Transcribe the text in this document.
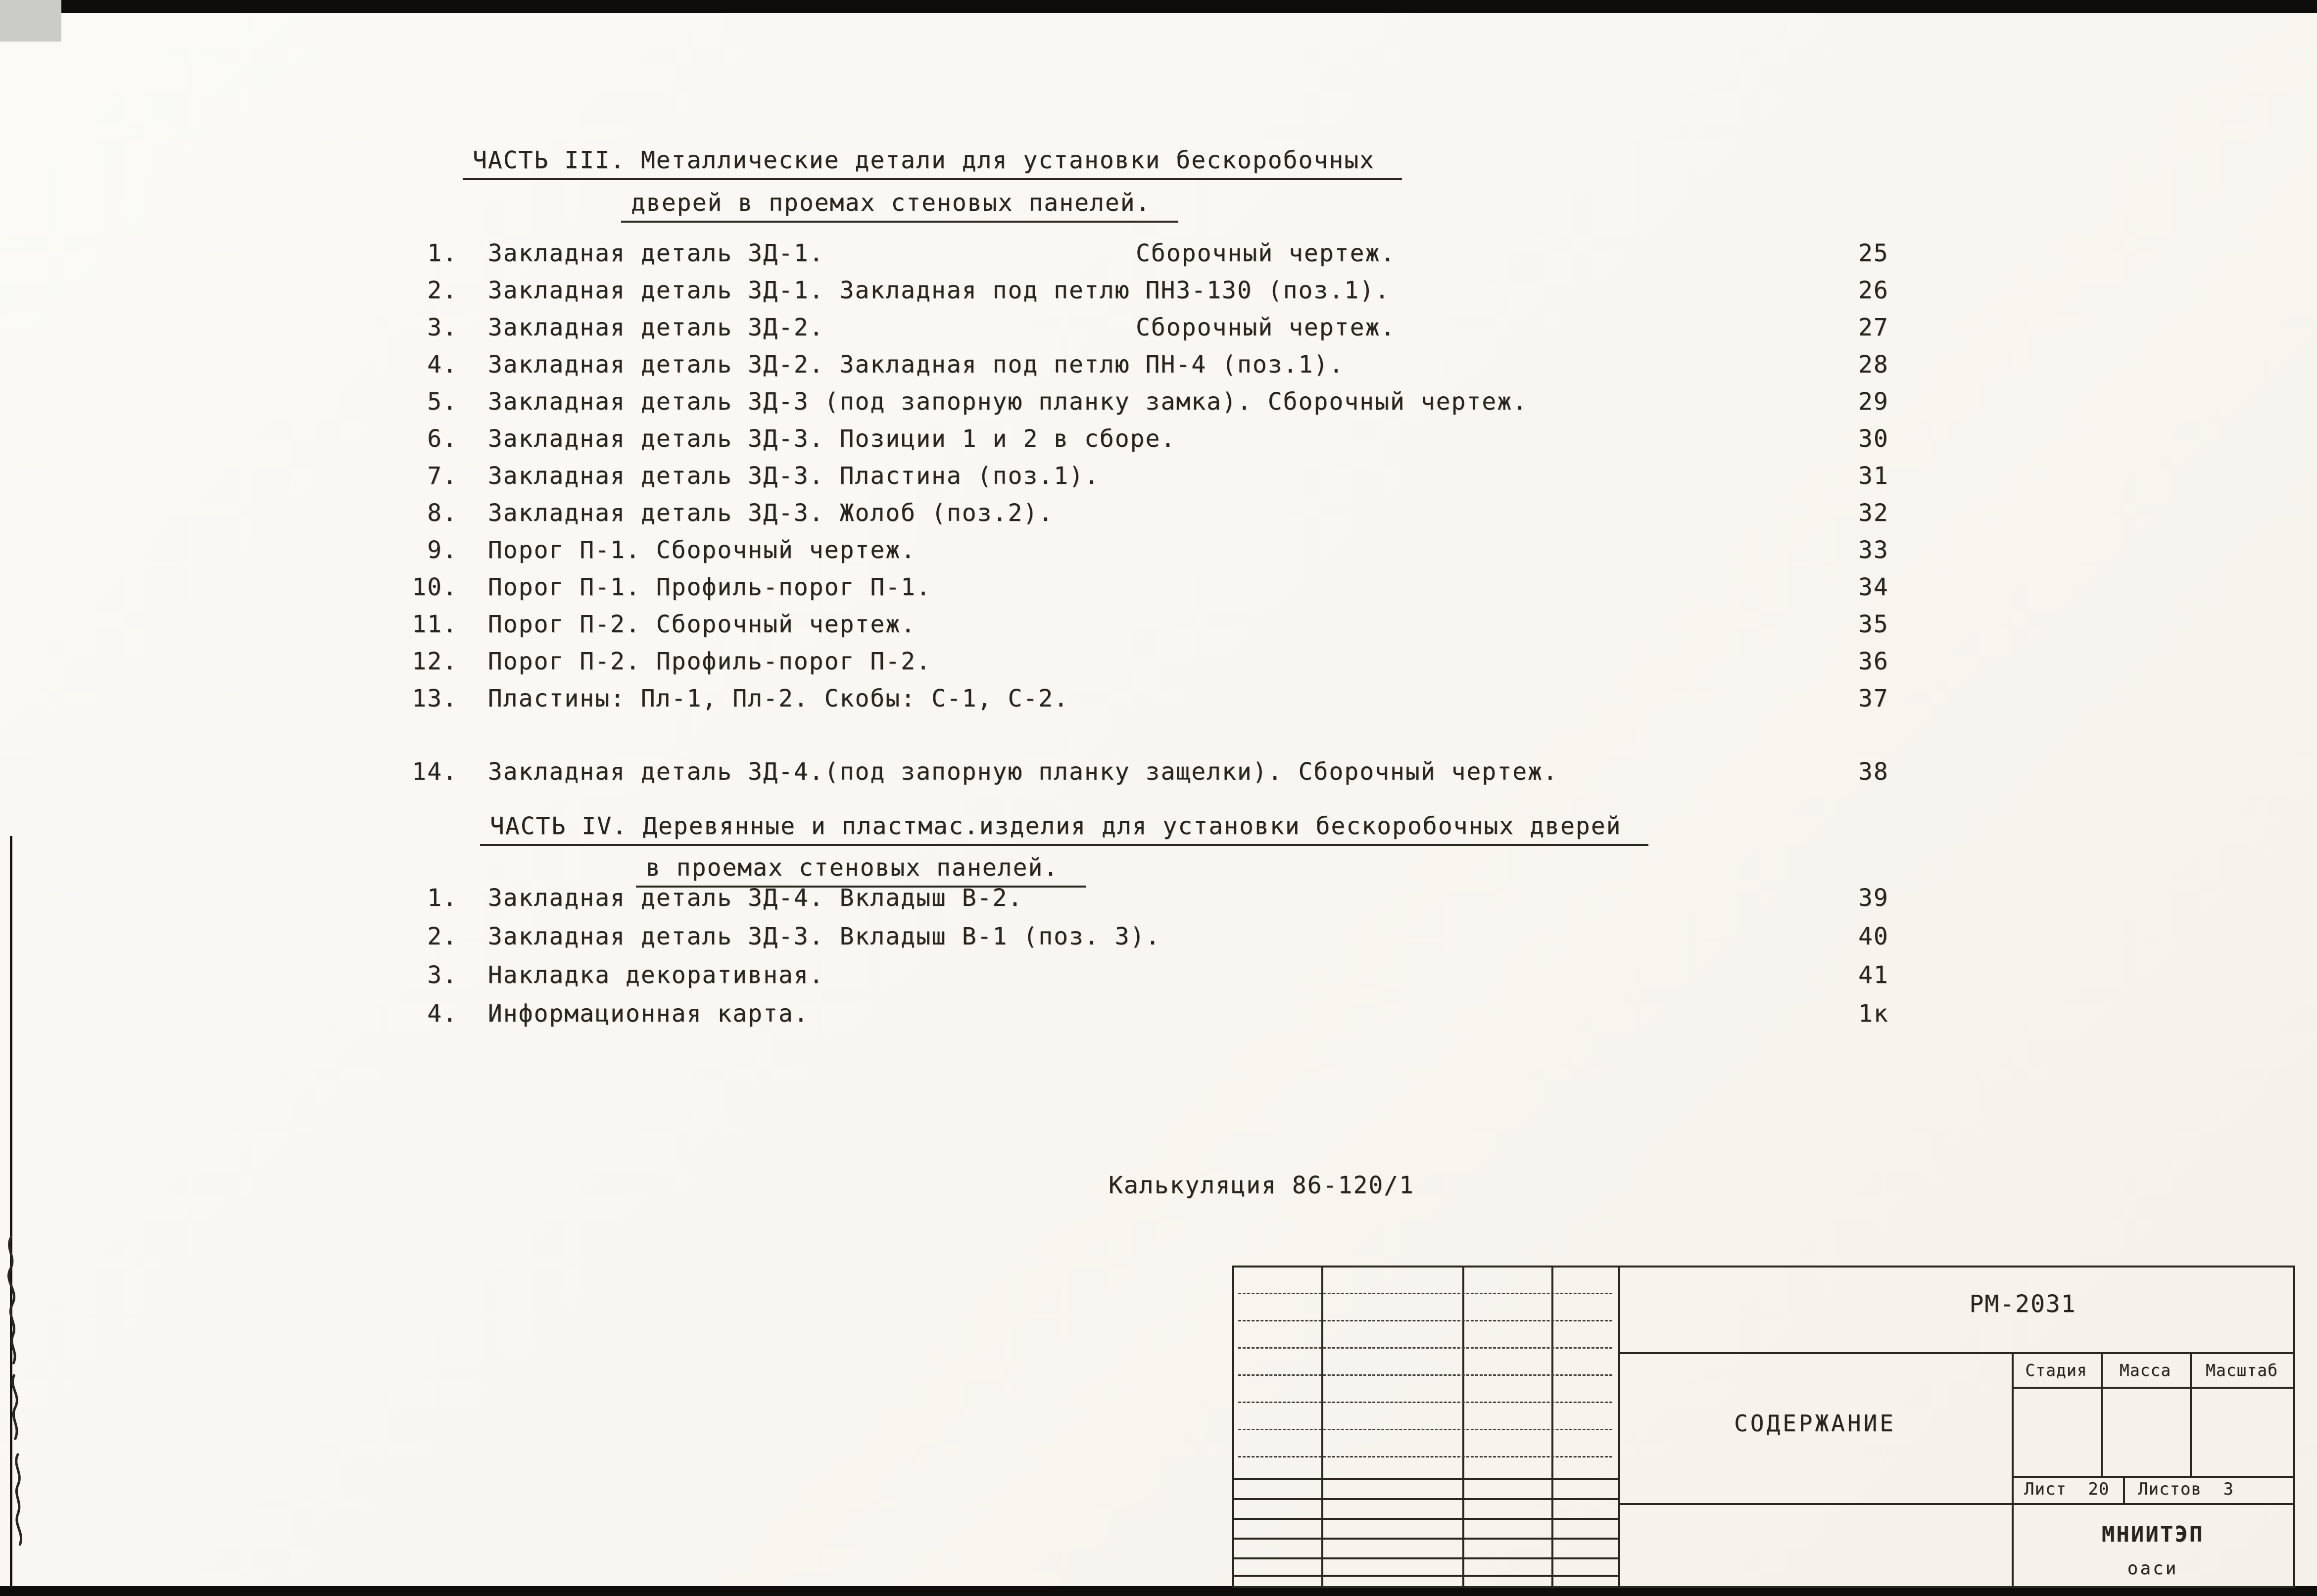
ЧАСТЬ III. Металлические детали для установки бескоробочных
дверей в проемах стеновых панелей.
1. Закладная деталь ЗД-1.	Сборочный чертеж.	25
2. Закладная деталь ЗД-1. Закладная под петлю ПН3-130 (поз.1).	26
3. Закладная деталь ЗД-2.	Сборочный чертеж.	27
4. Закладная деталь ЗД-2. Закладная под петлю ПН-4 (поз.1).	28
5. Закладная деталь ЗД-3 (под запорную планку замка). Сборочный чертеж.	29
6. Закладная деталь ЗД-3. Позиции 1 и 2 в сборе.	30
7. Закладная деталь ЗД-3. Пластина (поз.1).	31
8. Закладная деталь ЗД-3. Жолоб (поз.2).	32
9. Порог П-1. Сборочный чертеж.	33
10. Порог П-1. Профиль-порог П-1.	34
11. Порог П-2. Сборочный чертеж.	35
12. Порог П-2. Профиль-порог П-2.	36
13. Пластины: Пл-1, Пл-2. Скобы: С-1, С-2.	37
14. Закладная деталь ЗД-4.(под запорную планку защелки). Сборочный чертеж.	38
ЧАСТЬ IV. Деревянные и пластмас.изделия для установки бескоробочных дверей
в проемах стеновых панелей.
1. Закладная деталь ЗД-4. Вкладыш В-2.	39
2. Закладная деталь ЗД-3. Вкладыш В-1 (поз. 3).	40
3. Накладка декоративная.	41
4. Информационная карта.	1к
Калькуляция 86-120/1
РМ-2031
СОДЕРЖАНИЕ
Стадия	Масса	Масштаб
Лист 20 Листов 3
МНИИТЭП
оаси
